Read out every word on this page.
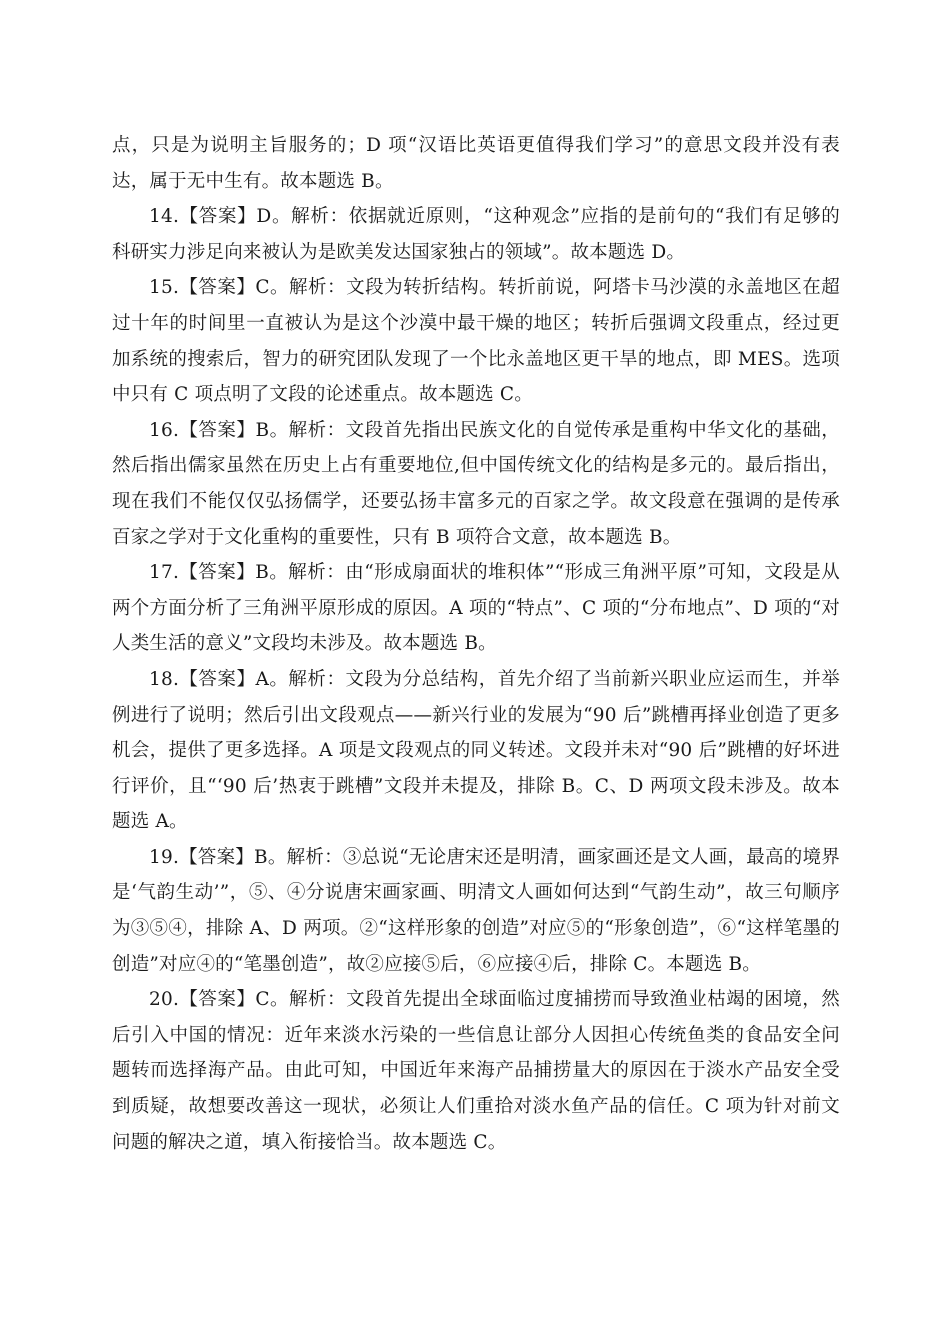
点，只是为说明主旨服务的；D 项“汉语比英语更值得我们学习”的意思文段并没有表达，属于无中生有。故本题选 B。

14.【答案】D。解析：依据就近原则，“这种观念”应指的是前句的“我们有足够的科研实力涉足向来被认为是欧美发达国家独占的领域”。故本题选 D。

15.【答案】C。解析：文段为转折结构。转折前说，阿塔卡马沙漠的永盖地区在超过十年的时间里一直被认为是这个沙漠中最干燥的地区；转折后强调文段重点，经过更加系统的搜索后，智力的研究团队发现了一个比永盖地区更干旱的地点，即 MES。选项中只有 C 项点明了文段的论述重点。故本题选 C。

16.【答案】B。解析：文段首先指出民族文化的自觉传承是重构中华文化的基础，然后指出儒家虽然在历史上占有重要地位,但中国传统文化的结构是多元的。最后指出，现在我们不能仅仅弘扬儒学，还要弘扬丰富多元的百家之学。故文段意在强调的是传承百家之学对于文化重构的重要性，只有 B 项符合文意，故本题选 B。

17.【答案】B。解析：由“形成扇面状的堆积体”“形成三角洲平原”可知，文段是从两个方面分析了三角洲平原形成的原因。A 项的“特点”、C 项的“分布地点”、D 项的“对人类生活的意义”文段均未涉及。故本题选 B。

18.【答案】A。解析：文段为分总结构，首先介绍了当前新兴职业应运而生，并举例进行了说明；然后引出文段观点——新兴行业的发展为“90 后”跳槽再择业创造了更多机会，提供了更多选择。A 项是文段观点的同义转述。文段并未对“90 后”跳槽的好坏进行评价，且“‘90 后’热衷于跳槽”文段并未提及，排除 B。C、D 两项文段未涉及。故本题选 A。

19.【答案】B。解析：③总说“无论唐宋还是明清，画家画还是文人画，最高的境界是‘气韵生动’”，⑤、④分说唐宋画家画、明清文人画如何达到“气韵生动”，故三句顺序为③⑤④，排除 A、D 两项。②“这样形象的创造”对应⑤的“形象创造”，⑥“这样笔墨的创造”对应④的“笔墨创造”，故②应接⑤后，⑥应接④后，排除 C。本题选 B。

20.【答案】C。解析：文段首先提出全球面临过度捕捞而导致渔业枯竭的困境，然后引入中国的情况：近年来淡水污染的一些信息让部分人因担心传统鱼类的食品安全问题转而选择海产品。由此可知，中国近年来海产品捕捞量大的原因在于淡水产品安全受到质疑，故想要改善这一现状，必须让人们重拾对淡水鱼产品的信任。C 项为针对前文问题的解决之道，填入衔接恰当。故本题选 C。
